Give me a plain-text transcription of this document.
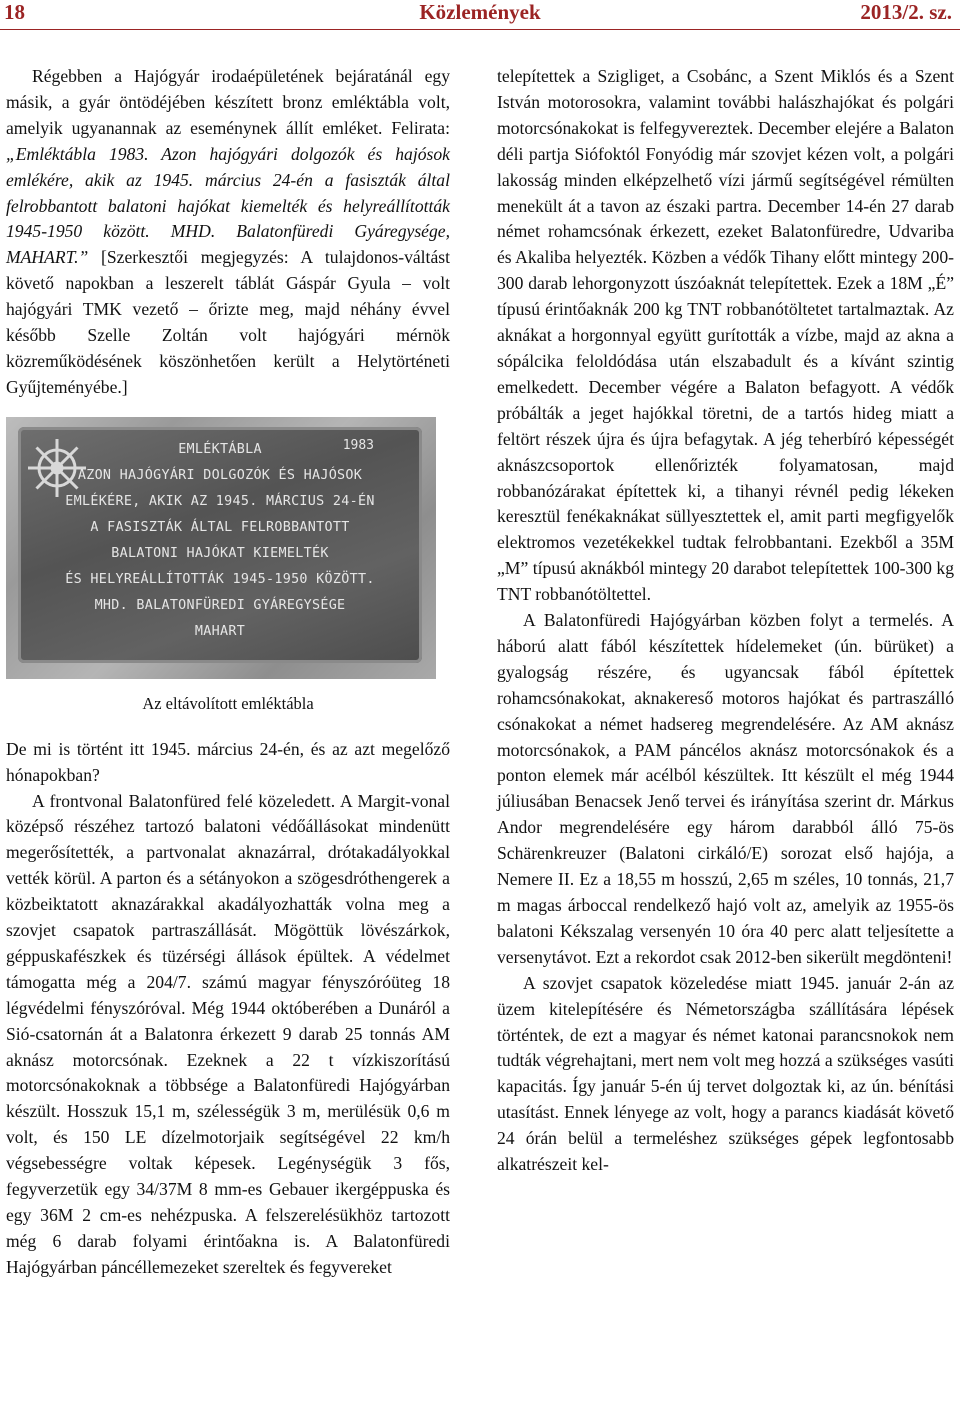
18	Közlemények	2013/2. sz.

Régebben a Hajógyár irodaépületének bejáratánál egy másik, a gyár öntödéjében készített bronz emléktábla volt, amelyik ugyanannak az eseménynek állít emléket. Felirata: „Emléktábla 1983. Azon hajógyári dolgozók és hajósok emlékére, akik az 1945. március 24-én a fasiszták által felrobbantott balatoni hajókat kiemelték és helyreállították 1945-1950 között. MHD. Balatonfüredi Gyáregysége, MAHART.” [Szerkesztői megjegyzés: A tulajdonos-váltást követő napokban a leszerelt táblát Gáspár Gyula – volt hajógyári TMK vezető – őrizte meg, majd néhány évvel később Szelle Zoltán volt hajógyári mérnök közreműködésének köszönhetően került a Helytörténeti Gyűjteményébe.]

1983
EMLÉKTÁBLA
AZON HAJÓGYÁRI DOLGOZÓK ÉS HAJÓSOK
EMLÉKÉRE, AKIK AZ 1945. MÁRCIUS 24-ÉN
A FASISZTÁK ÁLTAL FELROBBANTOTT
BALATONI HAJÓKAT KIEMELTÉK
ÉS HELYREÁLLÍTOTTÁK 1945-1950 KÖZÖTT.
MHD. BALATONFÜREDI GYÁREGYSÉGE
MAHART
Az eltávolított emléktábla

De mi is történt itt 1945. március 24-én, és az azt megelőző hónapokban?

A frontvonal Balatonfüred felé közeledett. A Margit-vonal középső részéhez tartozó balatoni védőállásokat mindenütt megerősítették, a partvonalat aknazárral, drótakadályokkal vették körül. A parton és a sétányokon a szögesdróthengerek a közbeiktatott aknazárakkal akadályozhatták volna meg a szovjet csapatok partraszállását. Mögöttük lövészárkok, géppuskafészkek és tüzérségi állások épültek. A védelmet támogatta még a 204/7. számú magyar fényszóróüteg 18 légvédelmi fényszóróval. Még 1944 októberében a Dunáról a Sió-csatornán át a Balatonra érkezett 9 darab 25 tonnás AM aknász motorcsónak. Ezeknek a 22 t vízkiszorítású motorcsónakoknak a többsége a Balatonfüredi Hajógyárban készült. Hosszuk 15,1 m, szélességük 3 m, merülésük 0,6 m volt, és 150 LE dízelmotorjaik segítségével 22 km/h végsebességre voltak képesek. Legénységük 3 fős, fegyverzetük egy 34/37M 8 mm-es Gebauer ikergéppuska és egy 36M 2 cm-es nehézpuska. A felszerelésükhöz tartozott még 6 darab folyami érintőakna is. A Balatonfüredi Hajógyárban páncéllemezeket szereltek és fegyvereket

telepítettek a Szigliget, a Csobánc, a Szent Miklós és a Szent István motorosokra, valamint további halászhajókat és polgári motorcsónakokat is felfegyvereztek. December elejére a Balaton déli partja Siófoktól Fonyódig már szovjet kézen volt, a polgári lakosság minden elképzelhető vízi jármű segítségével rémülten menekült át a tavon az északi partra. December 14-én 27 darab német rohamcsónak érkezett, ezeket Balatonfüredre, Udvariba és Akaliba helyezték. Közben a védők Tihany előtt mintegy 200-300 darab lehorgonyzott úszóaknát telepítettek. Ezek a 18M „É” típusú érintőaknák 200 kg TNT robbanótöltetet tartalmaztak. Az aknákat a horgonnyal együtt gurították a vízbe, majd az akna a sópálcika feloldódása után elszabadult és a kívánt szintig emelkedett. December végére a Balaton befagyott. A védők próbálták a jeget hajókkal töretni, de a tartós hideg miatt a feltört részek újra és újra befagytak. A jég teherbíró képességét aknászcsoportok ellenőrizték folyamatosan, majd robbanózárakat építettek ki, a tihanyi révnél pedig lékeken keresztül fenékaknákat süllyesztettek el, amit parti megfigyelők elektromos vezetékekkel tudtak felrobbantani. Ezekből a 35M „M” típusú aknákból mintegy 20 darabot telepítettek 100-300 kg TNT robbanótöltettel.

A Balatonfüredi Hajógyárban közben folyt a termelés. A háború alatt fából készítettek hídelemeket (ún. bürüket) a gyalogság részére, és ugyancsak fából építettek rohamcsónakokat, aknakereső motoros hajókat és partraszálló csónakokat a német hadsereg megrendelésére. Az AM aknász motorcsónakok, a PAM páncélos aknász motorcsónakok és a ponton elemek már acélból készültek. Itt készült el még 1944 júliusában Benacsek Jenő tervei és irányítása szerint dr. Márkus Andor megrendelésére egy három darabból álló 75-ös Schärenkreuzer (Balatoni cirkáló/E) sorozat első hajója, a Nemere II. Ez a 18,55 m hosszú, 2,65 m széles, 10 tonnás, 21,7 m magas árboccal rendelkező hajó volt az, amelyik az 1955-ös balatoni Kékszalag versenyén 10 óra 40 perc alatt teljesítette a versenytávot. Ezt a rekordot csak 2012-ben sikerült megdönteni!

A szovjet csapatok közeledése miatt 1945. január 2-án az üzem kitelepítésére és Németországba szállítására lépések történtek, de ezt a magyar és német katonai parancsnokok nem tudták végrehajtani, mert nem volt meg hozzá a szükséges vasúti kapacitás. Így január 5-én új tervet dolgoztak ki, az ún. bénítási utasítást. Ennek lényege az volt, hogy a parancs kiadását követő 24 órán belül a termeléshez szükséges gépek legfontosabb alkatrészeit kel-
